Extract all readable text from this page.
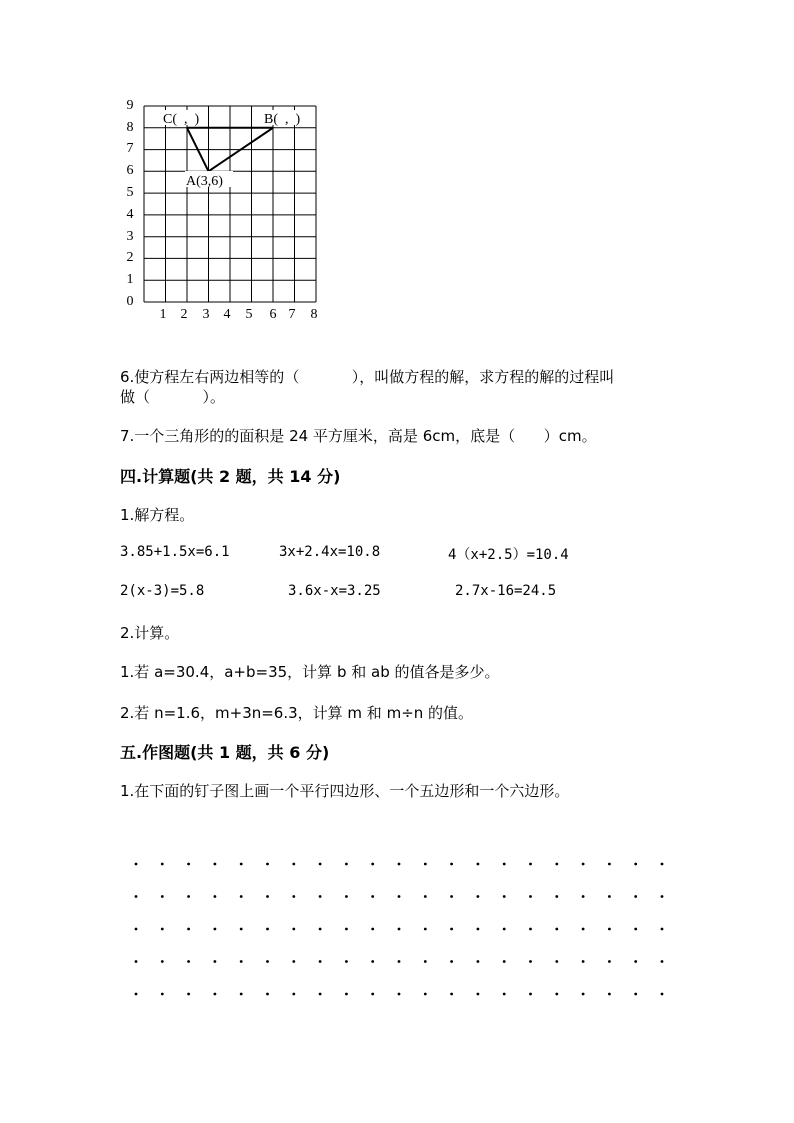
9
8
7
6
5
4
3
2
1
0
1 2 3 4 5 6 7 8
C(  ,  )	B(  ,  )
A(3,6)
6.使方程左右两边相等的（           ），叫做方程的解，求方程的解的过程叫
做（           ）。
7.一个三角形的的面积是 24 平方厘米，高是 6cm，底是（      ）cm。
四.计算题(共 2 题，共 14 分)
1.解方程。
3.85+1.5x=6.1	3x+2.4x=10.8	4（x+2.5）=10.4
2(x-3)=5.8	3.6x-x=3.25	2.7x-16=24.5
2.计算。
1.若 a=30.4，a+b=35，计算 b 和 ab 的值各是多少。
2.若 n=1.6，m+3n=6.3，计算 m 和 m÷n 的值。
五.作图题(共 1 题，共 6 分)
1.在下面的钉子图上画一个平行四边形、一个五边形和一个六边形。
